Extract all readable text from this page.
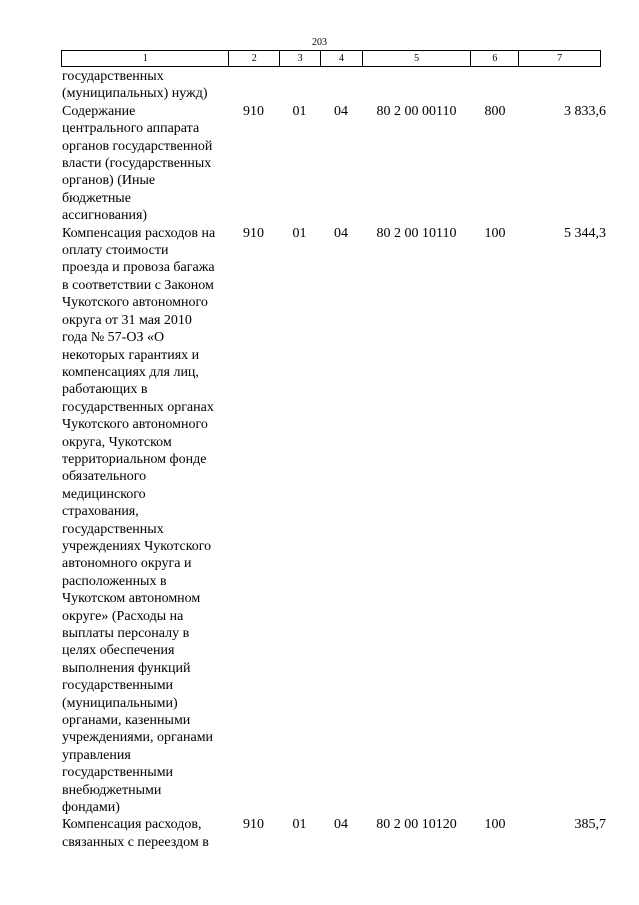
203
1	2	3	4	5	6	7
государственных
(муниципальных) нужд)
Содержание
центрального аппарата
органов государственной
власти (государственных
органов) (Иные
бюджетные
ассигнования)
910	01	04	80 2 00 00110	800	3 833,6
Компенсация расходов на
оплату стоимости
проезда и провоза багажа
в соответствии с Законом
Чукотского автономного
округа от 31 мая 2010
года № 57-ОЗ «О
некоторых гарантиях и
компенсациях для лиц,
работающих в
государственных органах
Чукотского автономного
округа, Чукотском
территориальном фонде
обязательного
медицинского
страхования,
государственных
учреждениях Чукотского
автономного округа и
расположенных в
Чукотском автономном
округе» (Расходы на
выплаты персоналу в
целях обеспечения
выполнения функций
государственными
(муниципальными)
органами, казенными
учреждениями, органами
управления
государственными
внебюджетными
фондами)
910	01	04	80 2 00 10110	100	5 344,3
Компенсация расходов,
связанных с переездом в
910	01	04	80 2 00 10120	100	385,7
